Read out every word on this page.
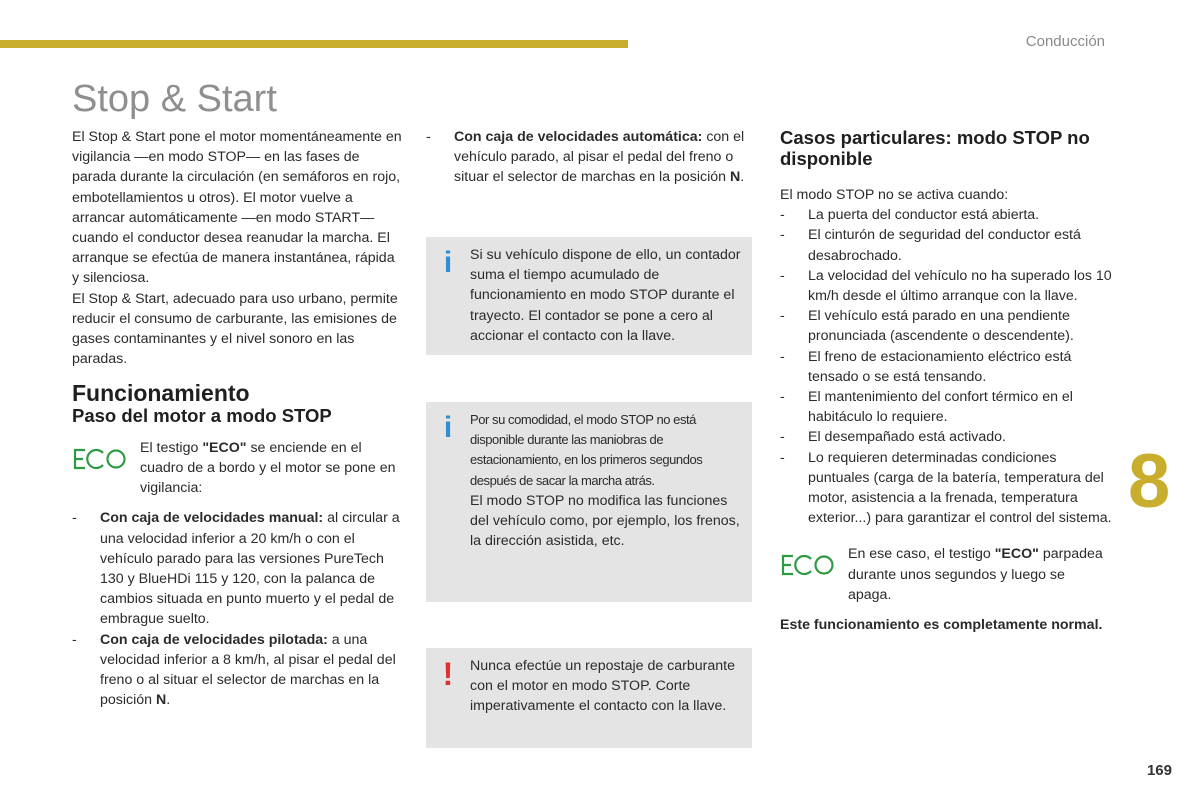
Conducción
Stop & Start

El Stop & Start pone el motor momentáneamente en vigilancia —en modo STOP— en las fases de parada durante la circulación (en semáforos en rojo, embotellamientos u otros). El motor vuelve a arrancar automáticamente —en modo START— cuando el conductor desea reanudar la marcha. El arranque se efectúa de manera instantánea, rápida y silenciosa.

El Stop & Start, adecuado para uso urbano, permite reducir el consumo de carburante, las emisiones de gases contaminantes y el nivel sonoro en las paradas.

Funcionamiento
Paso del motor a modo STOP
El testigo "ECO" se enciende en el cuadro de a bordo y el motor se pone en vigilancia:
-	Con caja de velocidades manual: al circular a una velocidad inferior a 20 km/h o con el vehículo parado para las versiones PureTech 130 y BlueHDi 115 y 120, con la palanca de cambios situada en punto muerto y el pedal de embrague suelto.
-	Con caja de velocidades pilotada: a una velocidad inferior a 8 km/h, al pisar el pedal del freno o al situar el selector de marchas en la posición N.
-	Con caja de velocidades automática: con el vehículo parado, al pisar el pedal del freno o situar el selector de marchas en la posición N.
i Si su vehículo dispone de ello, un contador suma el tiempo acumulado de funcionamiento en modo STOP durante el trayecto. El contador se pone a cero al accionar el contacto con la llave.

i Por su comodidad, el modo STOP no está disponible durante las maniobras de estacionamiento, en los primeros segundos después de sacar la marcha atrás.

El modo STOP no modifica las funciones del vehículo como, por ejemplo, los frenos, la dirección asistida, etc.

! Nunca efectúe un repostaje de carburante con el motor en modo STOP. Corte imperativamente el contacto con la llave.

Casos particulares: modo STOP no disponible

El modo STOP no se activa cuando:

-	La puerta del conductor está abierta.
-	El cinturón de seguridad del conductor está desabrochado.
-	La velocidad del vehículo no ha superado los 10 km/h desde el último arranque con la llave.
-	El vehículo está parado en una pendiente pronunciada (ascendente o descendente).
-	El freno de estacionamiento eléctrico está tensado o se está tensando.
-	El mantenimiento del confort térmico en el habitáculo lo requiere.
-	El desempañado está activado.
-	Lo requieren determinadas condiciones puntuales (carga de la batería, temperatura del motor, asistencia a la frenada, temperatura exterior...) para garantizar el control del sistema.
En ese caso, el testigo "ECO" parpadea durante unos segundos y luego se apaga.

Este funcionamiento es completamente normal.

8
169
